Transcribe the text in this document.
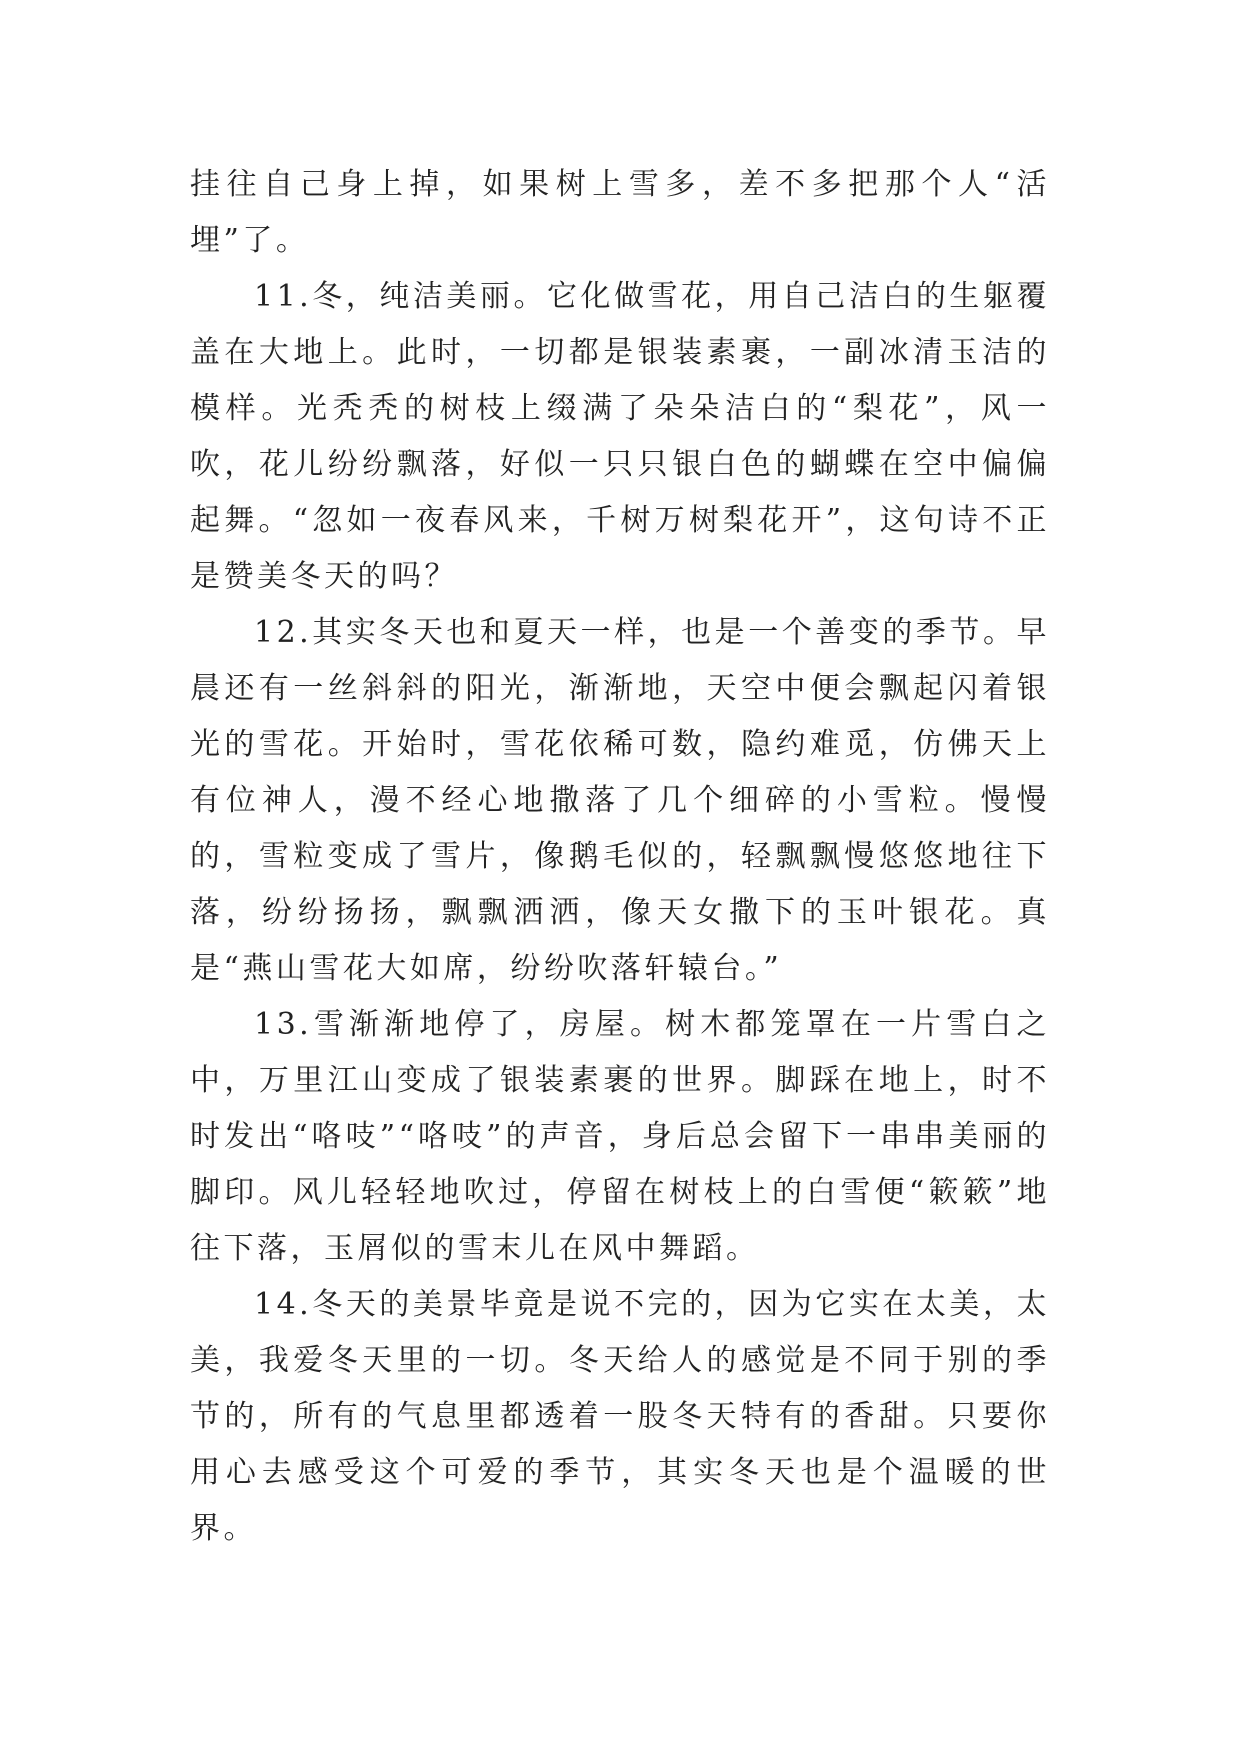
挂往自己身上掉，如果树上雪多，差不多把那个人“活埋”了。

11.冬，纯洁美丽。它化做雪花，用自己洁白的生躯覆盖在大地上。此时，一切都是银装素裹，一副冰清玉洁的模样。光秃秃的树枝上缀满了朵朵洁白的“梨花”，风一吹，花儿纷纷飘落，好似一只只银白色的蝴蝶在空中偏偏起舞。“忽如一夜春风来，千树万树梨花开”，这句诗不正是赞美冬天的吗？

12.其实冬天也和夏天一样，也是一个善变的季节。早晨还有一丝斜斜的阳光，渐渐地，天空中便会飘起闪着银光的雪花。开始时，雪花依稀可数，隐约难觅，仿佛天上有位神人，漫不经心地撒落了几个细碎的小雪粒。慢慢的，雪粒变成了雪片，像鹅毛似的，轻飘飘慢悠悠地往下落，纷纷扬扬，飘飘洒洒，像天女撒下的玉叶银花。真是“燕山雪花大如席，纷纷吹落轩辕台。”

13.雪渐渐地停了，房屋。树木都笼罩在一片雪白之中，万里江山变成了银装素裹的世界。脚踩在地上，时不时发出“咯吱”“咯吱”的声音，身后总会留下一串串美丽的脚印。风儿轻轻地吹过，停留在树枝上的白雪便“簌簌”地往下落，玉屑似的雪末儿在风中舞蹈。

14.冬天的美景毕竟是说不完的，因为它实在太美，太美，我爱冬天里的一切。冬天给人的感觉是不同于别的季节的，所有的气息里都透着一股冬天特有的香甜。只要你用心去感受这个可爱的季节，其实冬天也是个温暖的世界。
